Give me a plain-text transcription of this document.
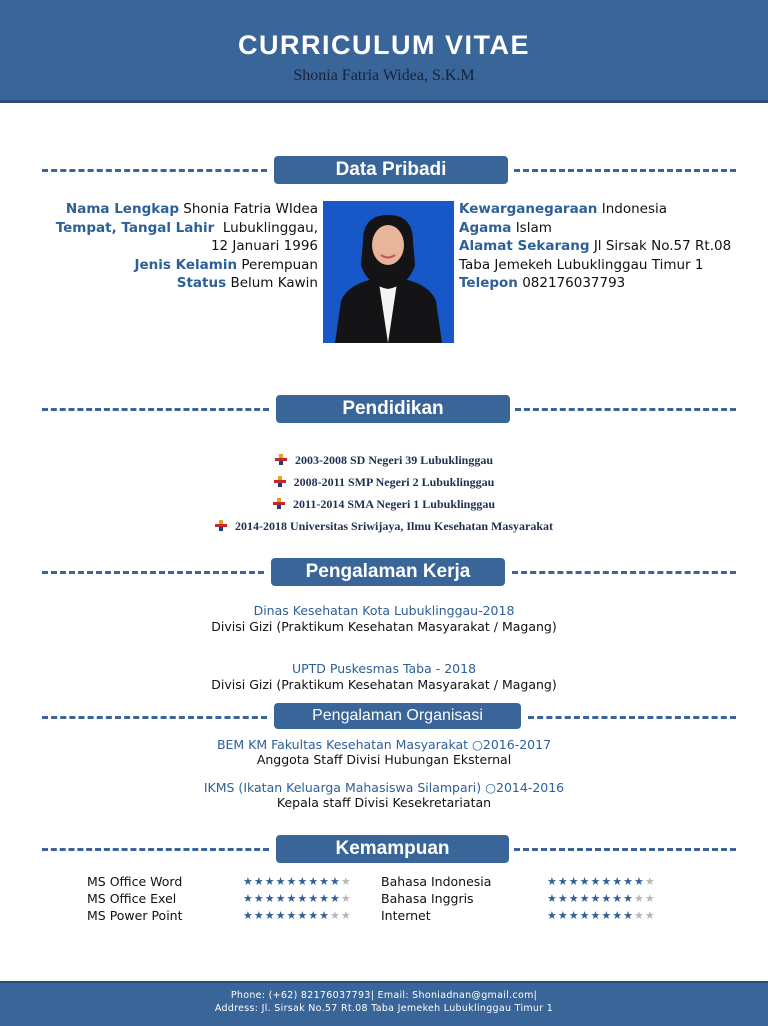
CURRICULUM VITAE
Shonia Fatria Widea, S.K.M
Data Pribadi
Nama Lengkap Shonia Fatria WIdea
Tempat, Tangal Lahir Lubuklinggau,
12 Januari 1996
Jenis Kelamin Perempuan
Status Belum Kawin
Kewarganegaraan Indonesia
Agama Islam
Alamat Sekarang Jl Sirsak No.57 Rt.08
Taba Jemekeh Lubuklinggau Timur 1
Telepon 082176037793
Pendidikan
2003-2008 SD Negeri 39 Lubuklinggau
2008-2011 SMP Negeri 2 Lubuklinggau
2011-2014 SMA Negeri 1 Lubuklinggau
2014-2018 Universitas Sriwijaya, Ilmu Kesehatan Masyarakat
Pengalaman Kerja
Dinas Kesehatan Kota Lubuklinggau-2018
Divisi Gizi (Praktikum Kesehatan Masyarakat / Magang)
UPTD Puskesmas Taba - 2018
Divisi Gizi (Praktikum Kesehatan Masyarakat / Magang)
Pengalaman Organisasi
BEM KM Fakultas Kesehatan Masyarakat ○2016-2017
Anggota Staff Divisi Hubungan Eksternal
IKMS (Ikatan Keluarga Mahasiswa Silampari) ○2014-2016
Kepala staff Divisi Kesekretariatan
Kemampuan
MS Office Word
MS Office Exel
MS Power Point
★★★★★★★★★★
★★★★★★★★★★
★★★★★★★★★★
Bahasa Indonesia
Bahasa Inggris
Internet
★★★★★★★★★★
★★★★★★★★★★
★★★★★★★★★★
Phone: (+62) 82176037793| Email: Shoniadnan@gmail.com|
Address: Jl. Sirsak No.57 Rt.08 Taba Jemekeh Lubuklinggau Timur 1
